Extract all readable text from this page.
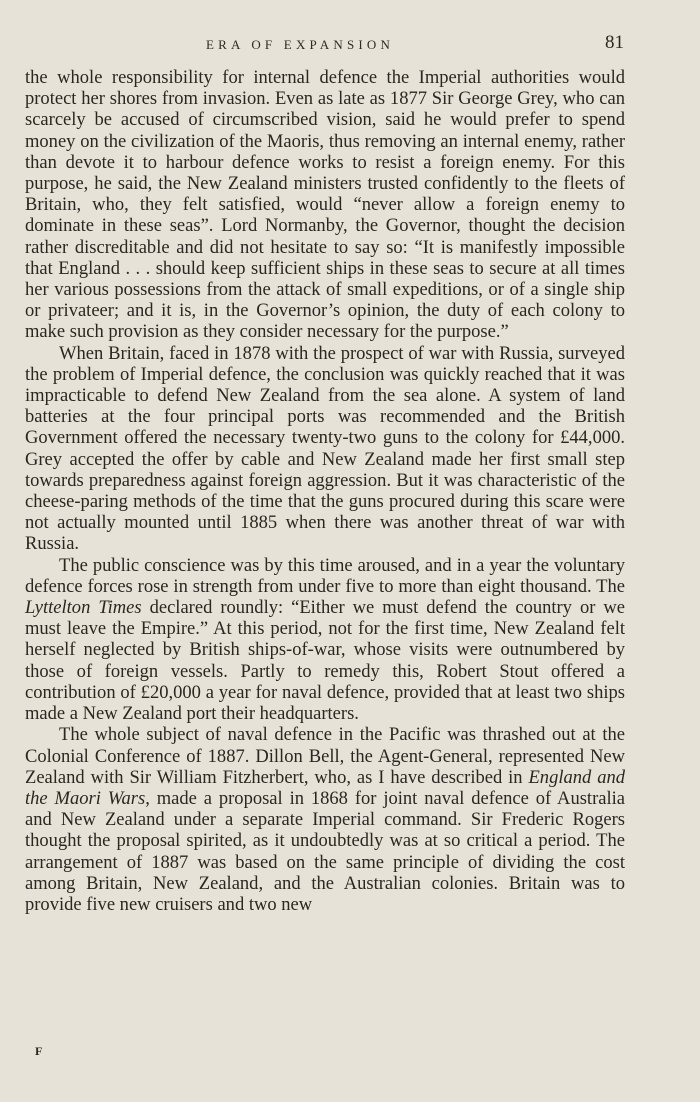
ERA OF EXPANSION	81

the whole responsibility for internal defence the Imperial authorities would protect her shores from invasion. Even as late as 1877 Sir George Grey, who can scarcely be accused of circumscribed vision, said he would prefer to spend money on the civilization of the Maoris, thus removing an internal enemy, rather than devote it to harbour defence works to resist a foreign enemy. For this purpose, he said, the New Zealand ministers trusted confidently to the fleets of Britain, who, they felt satisfied, would “never allow a foreign enemy to dominate in these seas”. Lord Normanby, the Governor, thought the decision rather discreditable and did not hesitate to say so: “It is manifestly impossible that England . . . should keep sufficient ships in these seas to secure at all times her various possessions from the attack of small expeditions, or of a single ship or privateer; and it is, in the Governor’s opinion, the duty of each colony to make such provision as they consider necessary for the purpose.”

When Britain, faced in 1878 with the prospect of war with Russia, surveyed the problem of Imperial defence, the conclusion was quickly reached that it was impracticable to defend New Zealand from the sea alone. A system of land batteries at the four principal ports was recommended and the British Government offered the necessary twenty-two guns to the colony for £44,000. Grey accepted the offer by cable and New Zealand made her first small step towards preparedness against foreign aggression. But it was characteristic of the cheese-paring methods of the time that the guns procured during this scare were not actually mounted until 1885 when there was another threat of war with Russia.

The public conscience was by this time aroused, and in a year the voluntary defence forces rose in strength from under five to more than eight thousand. The Lyttelton Times declared roundly: “Either we must defend the country or we must leave the Empire.” At this period, not for the first time, New Zealand felt herself neglected by British ships-of-war, whose visits were outnumbered by those of foreign vessels. Partly to remedy this, Robert Stout offered a contribution of £20,000 a year for naval defence, provided that at least two ships made a New Zealand port their headquarters.

The whole subject of naval defence in the Pacific was thrashed out at the Colonial Conference of 1887. Dillon Bell, the Agent-General, represented New Zealand with Sir William Fitzherbert, who, as I have described in England and the Maori Wars, made a proposal in 1868 for joint naval defence of Australia and New Zealand under a separate Imperial command. Sir Frederic Rogers thought the proposal spirited, as it undoubtedly was at so critical a period. The arrangement of 1887 was based on the same principle of dividing the cost among Britain, New Zealand, and the Australian colonies. Britain was to provide five new cruisers and two new

F
